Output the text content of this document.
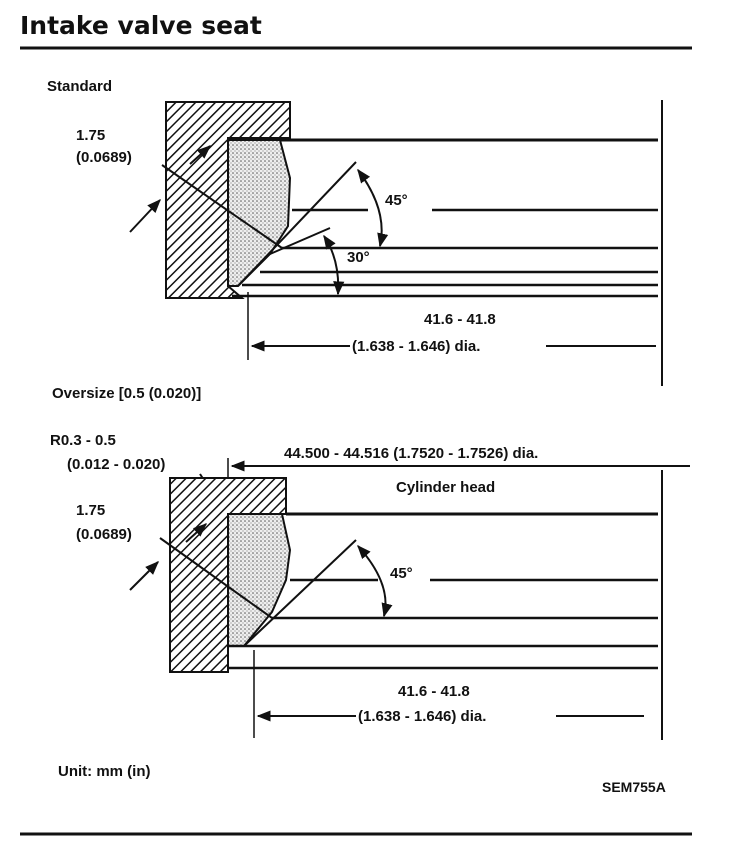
Intake valve seat
Standard
1.75
(0.0689)
45°
30°
41.6 - 41.8
(1.638 - 1.646) dia.
Oversize [0.5 (0.020)]
R0.3 - 0.5
(0.012 - 0.020)
44.500 - 44.516 (1.7520 - 1.7526) dia.
Cylinder head
1.75
(0.0689)
45°
41.6 - 41.8
(1.638 - 1.646) dia.
Unit: mm (in)
SEM755A
